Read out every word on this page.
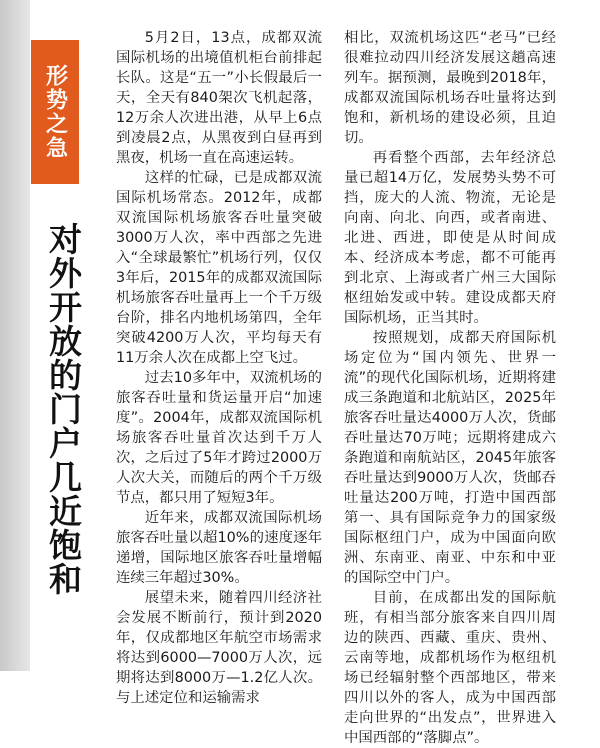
形势之急
对外开放的门户几近饱和

5月2日，13点，成都双流国际机场的出境值机柜台前排起长队。这是“五一”小长假最后一天，全天有840架次飞机起落，12万余人次进出港，从早上6点到凌晨2点，从黑夜到白昼再到黑夜，机场一直在高速运转。

这样的忙碌，已是成都双流国际机场常态。2012年，成都双流国际机场旅客吞吐量突破3000万人次，率中西部之先进入“全球最繁忙”机场行列，仅仅3年后，2015年的成都双流国际机场旅客吞吐量再上一个千万级台阶，排名内地机场第四，全年突破4200万人次，平均每天有11万余人次在成都上空飞过。

过去10多年中，双流机场的旅客吞吐量和货运量开启“加速度”。2004年，成都双流国际机场旅客吞吐量首次达到千万人次，之后过了5年才跨过2000万人次大关，而随后的两个千万级节点，都只用了短短3年。

近年来，成都双流国际机场旅客吞吐量以超10%的速度逐年递增，国际地区旅客吞吐量增幅连续三年超过30%。

展望未来，随着四川经济社会发展不断前行，预计到2020年，仅成都地区年航空市场需求将达到6000—7000万人次，远期将达到8000万—1.2亿人次。与上述定位和运输需求

相比，双流机场这匹“老马”已经很难拉动四川经济发展这趟高速列车。据预测，最晚到2018年，成都双流国际机场吞吐量将达到饱和，新机场的建设必须，且迫切。

再看整个西部，去年经济总量已超14万亿，发展势头势不可挡，庞大的人流、物流，无论是向南、向北、向西，或者南进、北进、西进，即使是从时间成本、经济成本考虑，都不可能再到北京、上海或者广州三大国际枢纽始发或中转。建设成都天府国际机场，正当其时。

按照规划，成都天府国际机场定位为“国内领先、世界一流”的现代化国际机场，近期将建成三条跑道和北航站区，2025年旅客吞吐量达4000万人次，货邮吞吐量达70万吨；远期将建成六条跑道和南航站区，2045年旅客吞吐量达到9000万人次，货邮吞吐量达200万吨，打造中国西部第一、具有国际竞争力的国家级国际枢纽门户，成为中国面向欧洲、东南亚、南亚、中东和中亚的国际空中门户。

目前，在成都出发的国际航班，有相当部分旅客来自四川周边的陕西、西藏、重庆、贵州、云南等地，成都机场作为枢纽机场已经辐射整个西部地区，带来四川以外的客人，成为中国西部走向世界的“出发点”，世界进入中国西部的“落脚点”。
